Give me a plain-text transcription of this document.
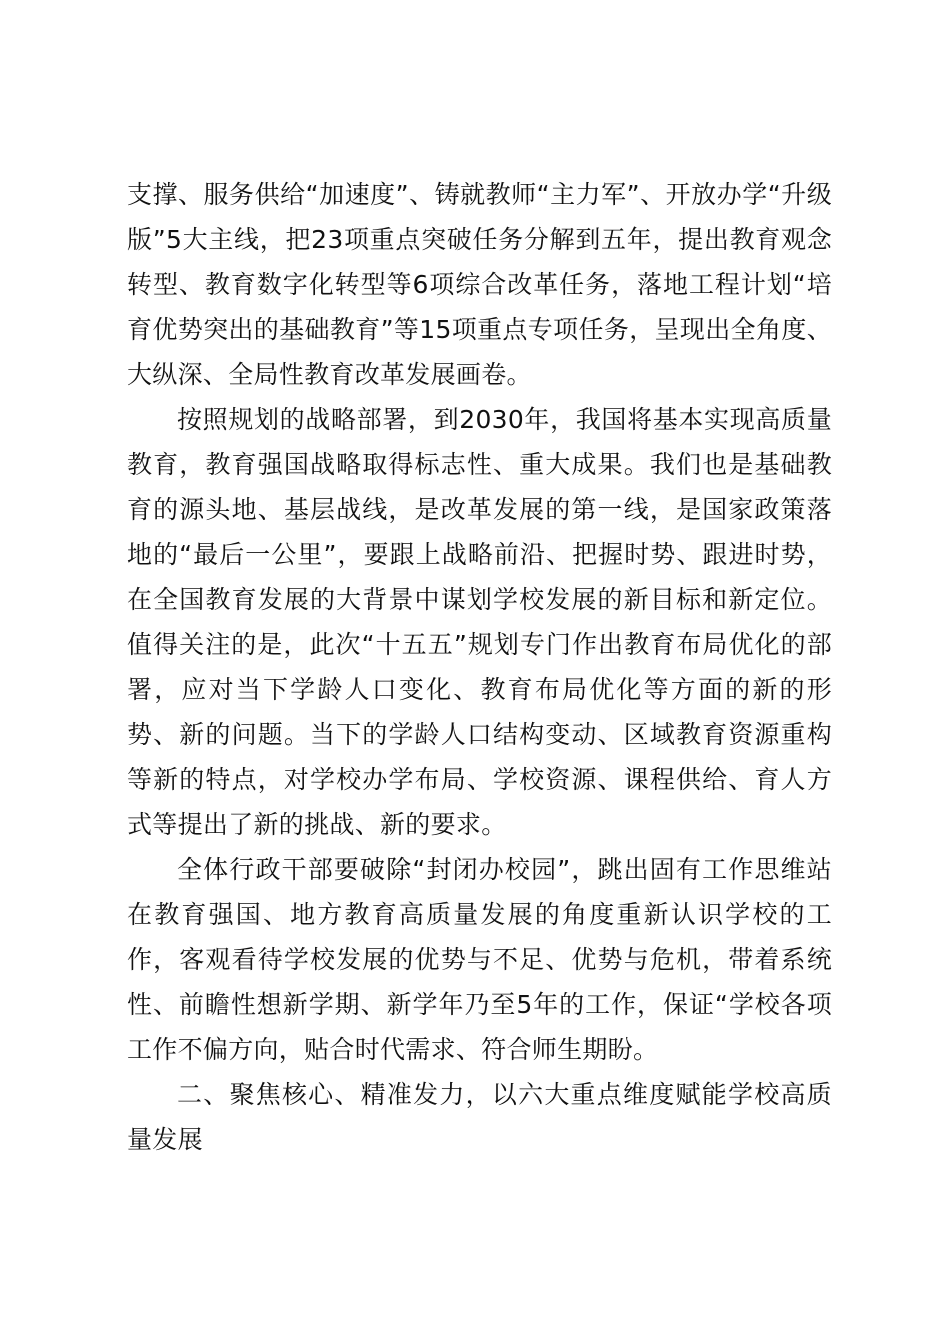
支撑、服务供给“加速度”、铸就教师“主力军”、开放办学“升级版”5大主线，把23项重点突破任务分解到五年，提出教育观念转型、教育数字化转型等6项综合改革任务，落地工程计划“培育优势突出的基础教育”等15项重点专项任务，呈现出全角度、大纵深、全局性教育改革发展画卷。

按照规划的战略部署，到2030年，我国将基本实现高质量教育，教育强国战略取得标志性、重大成果。我们也是基础教育的源头地、基层战线，是改革发展的第一线，是国家政策落地的“最后一公里”，要跟上战略前沿、把握时势、跟进时势，在全国教育发展的大背景中谋划学校发展的新目标和新定位。值得关注的是，此次“十五五”规划专门作出教育布局优化的部署，应对当下学龄人口变化、教育布局优化等方面的新的形势、新的问题。当下的学龄人口结构变动、区域教育资源重构等新的特点，对学校办学布局、学校资源、课程供给、育人方式等提出了新的挑战、新的要求。

全体行政干部要破除“封闭办校园”，跳出固有工作思维站在教育强国、地方教育高质量发展的角度重新认识学校的工作，客观看待学校发展的优势与不足、优势与危机，带着系统性、前瞻性想新学期、新学年乃至5年的工作，保证“学校各项工作不偏方向，贴合时代需求、符合师生期盼。

二、聚焦核心、精准发力，以六大重点维度赋能学校高质量发展
